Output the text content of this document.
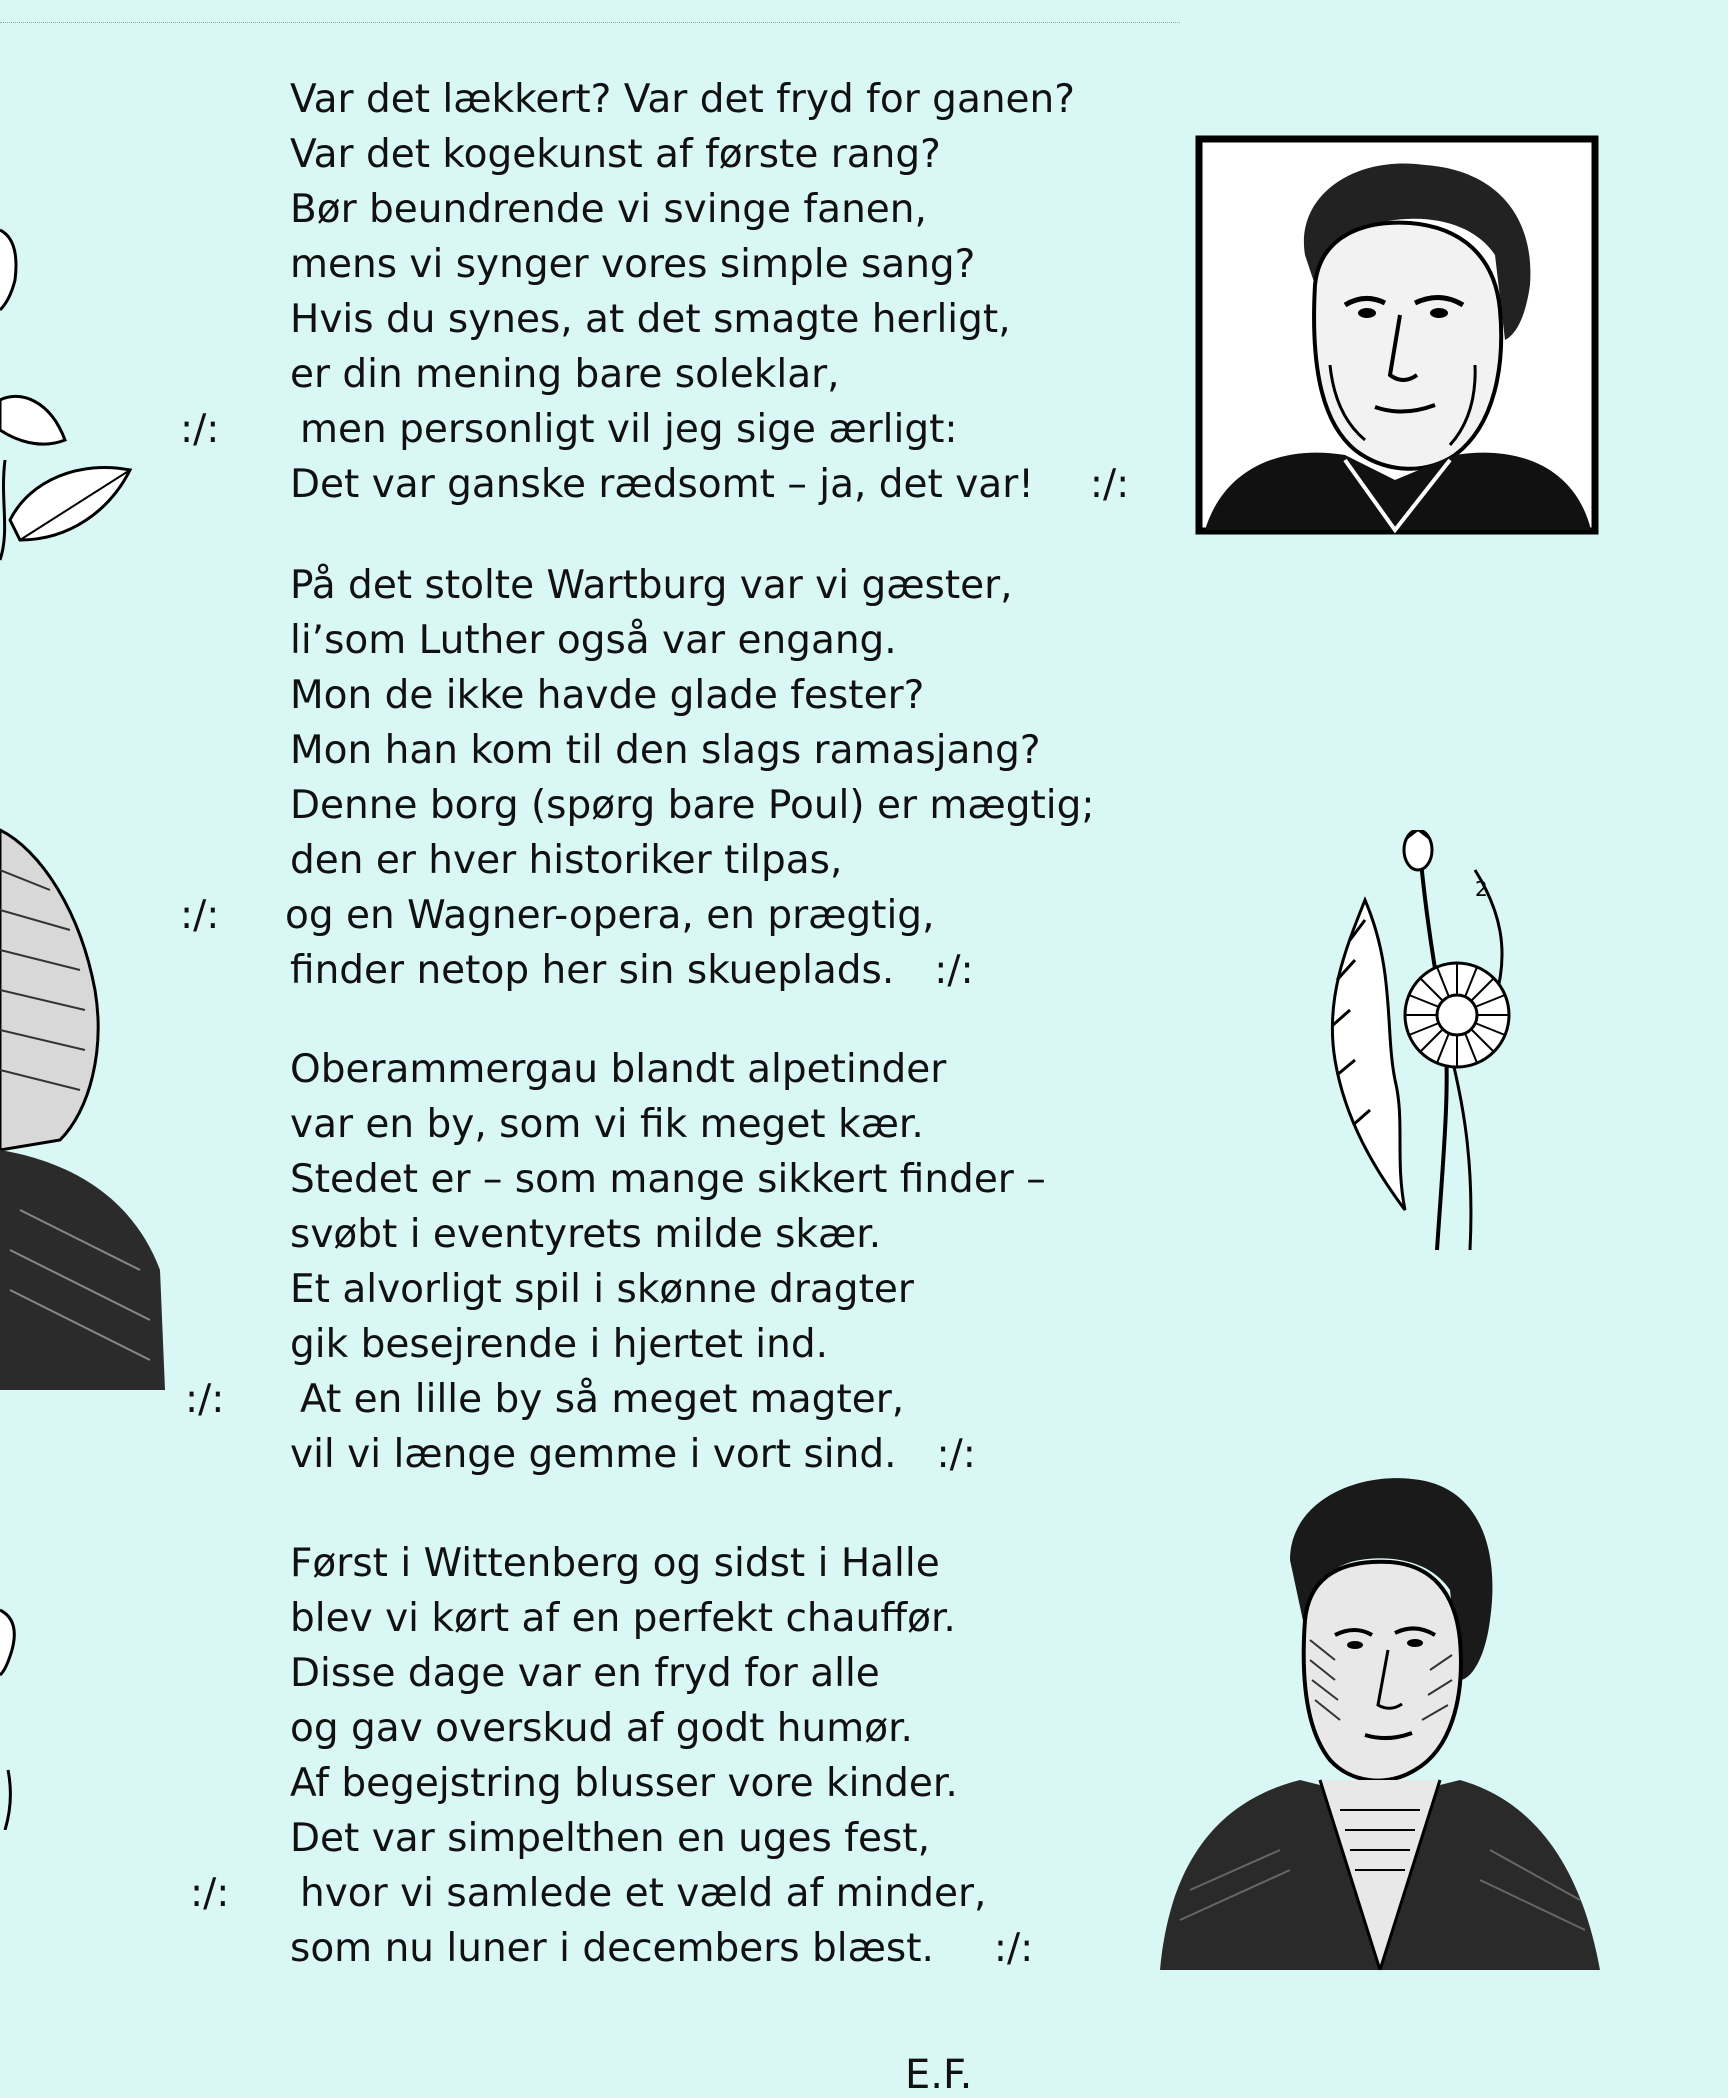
Var det lækkert? Var det fryd for ganen?
Var det kogekunst af første rang?
Bør beundrende vi svinge fanen,
mens vi synger vores simple sang?
Hvis du synes, at det smagte herligt,
er din mening bare soleklar,
:/: men personligt vil jeg sige ærligt:
Det var ganske rædsomt – ja, det var! :/:
På det stolte Wartburg var vi gæster,
li’som Luther også var engang.
Mon de ikke havde glade fester?
Mon han kom til den slags ramasjang?
Denne borg (spørg bare Poul) er mægtig;
den er hver historiker tilpas,
:/: og en Wagner-opera, en prægtig,
finder netop her sin skueplads. :/:
Oberammergau blandt alpetinder
var en by, som vi fik meget kær.
Stedet er – som mange sikkert finder –
svøbt i eventyrets milde skær.
Et alvorligt spil i skønne dragter
gik besejrende i hjertet ind.
:/: At en lille by så meget magter,
vil vi længe gemme i vort sind. :/:
Først i Wittenberg og sidst i Halle
blev vi kørt af en perfekt chauffør.
Disse dage var en fryd for alle
og gav overskud af godt humør.
Af begejstring blusser vore kinder.
Det var simpelthen en uges fest,
:/: hvor vi samlede et væld af minder,
som nu luner i decembers blæst. :/:
E.F.
2
